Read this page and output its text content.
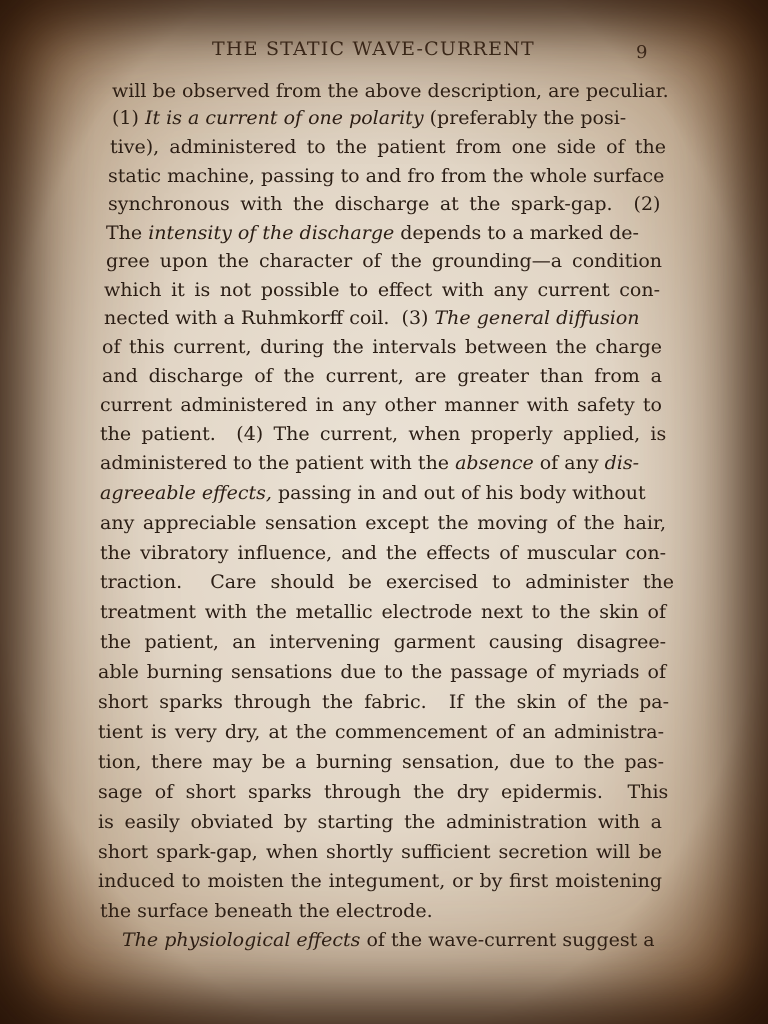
THE STATIC WAVE-CURRENT	9
will be observed from the above description, are peculiar.
(1) It is a current of one polarity (preferably the posi-
tive), administered to the patient from one side of the
static machine, passing to and fro from the whole surface
synchronous with the discharge at the spark-gap.  (2)
The intensity of the discharge depends to a marked de-
gree upon the character of the grounding—a condition
which it is not possible to effect with any current con-
nected with a Ruhmkorff coil.  (3) The general diffusion
of this current, during the intervals between the charge
and discharge of the current, are greater than from a
current administered in any other manner with safety to
the patient.  (4) The current, when properly applied, is
administered to the patient with the absence of any dis-
agreeable effects, passing in and out of his body without
any appreciable sensation except the moving of the hair,
the vibratory influence, and the effects of muscular con-
traction.  Care should be exercised to administer the
treatment with the metallic electrode next to the skin of
the patient, an intervening garment causing disagree-
able burning sensations due to the passage of myriads of
short sparks through the fabric.  If the skin of the pa-
tient is very dry, at the commencement of an administra-
tion, there may be a burning sensation, due to the pas-
sage of short sparks through the dry epidermis.  This
is easily obviated by starting the administration with a
short spark-gap, when shortly sufficient secretion will be
induced to moisten the integument, or by first moistening
the surface beneath the electrode.
The physiological effects of the wave-current suggest a
